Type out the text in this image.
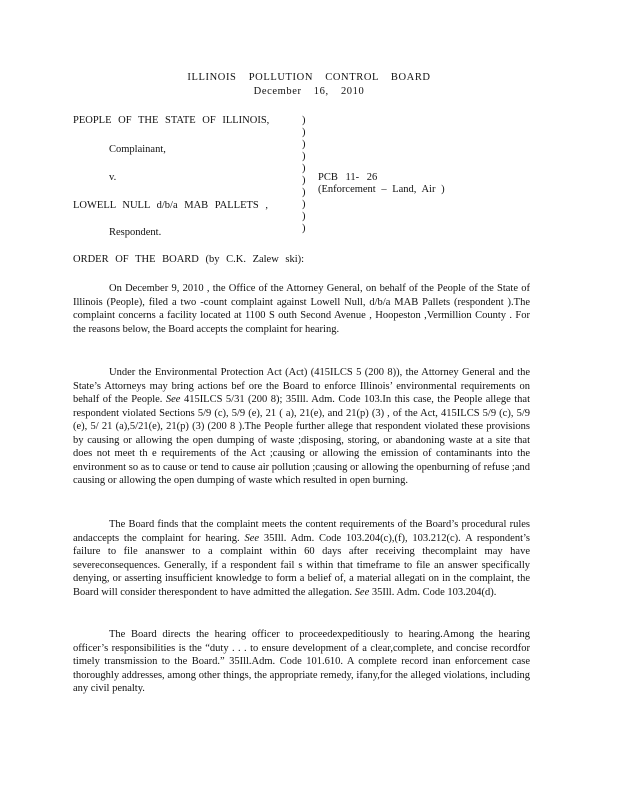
ILLINOIS POLLUTION CONTROL BOARD
December 16, 2010
PEOPLE OF THE STATE OF ILLINOIS,
Complainant,
v.
LOWELL NULL d/b/a MAB PALLETS ,
Respondent.
)
)
)
)
)
)
)
)
)
)
PCB 11- 26
(Enforcement – Land, Air )
ORDER OF THE BOARD (by C.K. Zalew ski):

On December 9, 2010 , the Office of the Attorney General, on behalf of the People of the State of Illinois (People), filed a two -count complaint against Lowell Null, d/b/a MAB Pallets (respondent ).The complaint concerns a facility located at 1100 S outh Second Avenue , Hoopeston ,Vermillion County . For the reasons below, the Board accepts the complaint for hearing.

Under the Environmental Protection Act (Act) (415ILCS 5 (200 8)), the Attorney General and the State’s Attorneys may bring actions bef ore the Board to enforce Illinois’ environmental requirements on behalf of the People. See 415ILCS 5/31 (200 8); 35Ill. Adm. Code 103.In this case, the People allege that respondent violated Sections 5/9 (c), 5/9 (e), 21 ( a), 21(e), and 21(p) (3) , of the Act, 415ILCS 5/9 (c), 5/9 (e), 5/ 21 (a),5/21(e), 21(p) (3) (200 8 ).The People further allege that respondent violated these provisions by causing or allowing the open dumping of waste ;disposing, storing, or abandoning waste at a site that does not meet th e requirements of the Act ;causing or allowing the emission of contaminants into the environment so as to cause or tend to cause air pollution ;causing or allowing the openburning of refuse ;and causing or allowing the open dumping of waste which resulted in open burning.

The Board finds that the complaint meets the content requirements of the Board’s procedural rules andaccepts the complaint for hearing. See 35Ill. Adm. Code 103.204(c),(f), 103.212(c). A respondent’s failure to file ananswer to a complaint within 60 days after receiving thecomplaint may have severeconsequences. Generally, if a respondent fail s within that timeframe to file an answer specifically denying, or asserting insufficient knowledge to form a belief of, a material allegati on in the complaint, the Board will consider therespondent to have admitted the allegation. See 35Ill. Adm. Code 103.204(d).

The Board directs the hearing officer to proceedexpeditiously to hearing.Among the hearing officer’s responsibilities is the “duty . . . to ensure development of a clear,complete, and concise recordfor timely transmission to the Board.” 35Ill.Adm. Code 101.610. A complete record inan enforcement case thoroughly addresses, among other things, the appropriate remedy, ifany,for the alleged violations, including any civil penalty.
